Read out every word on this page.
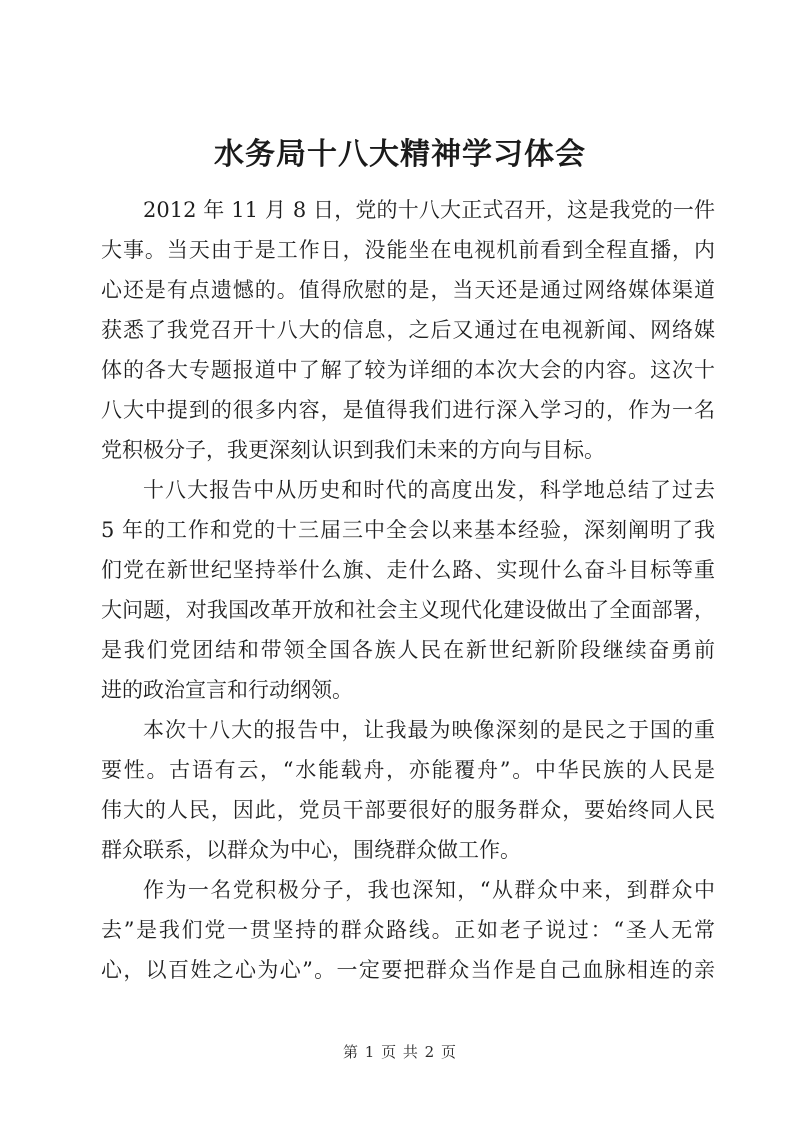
水务局十八大精神学习体会
2012 年 11 月 8 日，党的十八大正式召开，这是我党的一件
大事。当天由于是工作日，没能坐在电视机前看到全程直播，内
心还是有点遗憾的。值得欣慰的是，当天还是通过网络媒体渠道
获悉了我党召开十八大的信息，之后又通过在电视新闻、网络媒
体的各大专题报道中了解了较为详细的本次大会的内容。这次十
八大中提到的很多内容，是值得我们进行深入学习的，作为一名
党积极分子，我更深刻认识到我们未来的方向与目标。
十八大报告中从历史和时代的高度出发，科学地总结了过去
5 年的工作和党的十三届三中全会以来基本经验，深刻阐明了我
们党在新世纪坚持举什么旗、走什么路、实现什么奋斗目标等重
大问题，对我国改革开放和社会主义现代化建设做出了全面部署，
是我们党团结和带领全国各族人民在新世纪新阶段继续奋勇前
进的政治宣言和行动纲领。
本次十八大的报告中，让我最为映像深刻的是民之于国的重
要性。古语有云，“水能载舟，亦能覆舟”。中华民族的人民是
伟大的人民，因此，党员干部要很好的服务群众，要始终同人民
群众联系，以群众为中心，围绕群众做工作。
作为一名党积极分子，我也深知，“从群众中来，到群众中
去”是我们党一贯坚持的群众路线。正如老子说过：“圣人无常
心，以百姓之心为心”。一定要把群众当作是自己血脉相连的亲
第 1 页 共 2 页
